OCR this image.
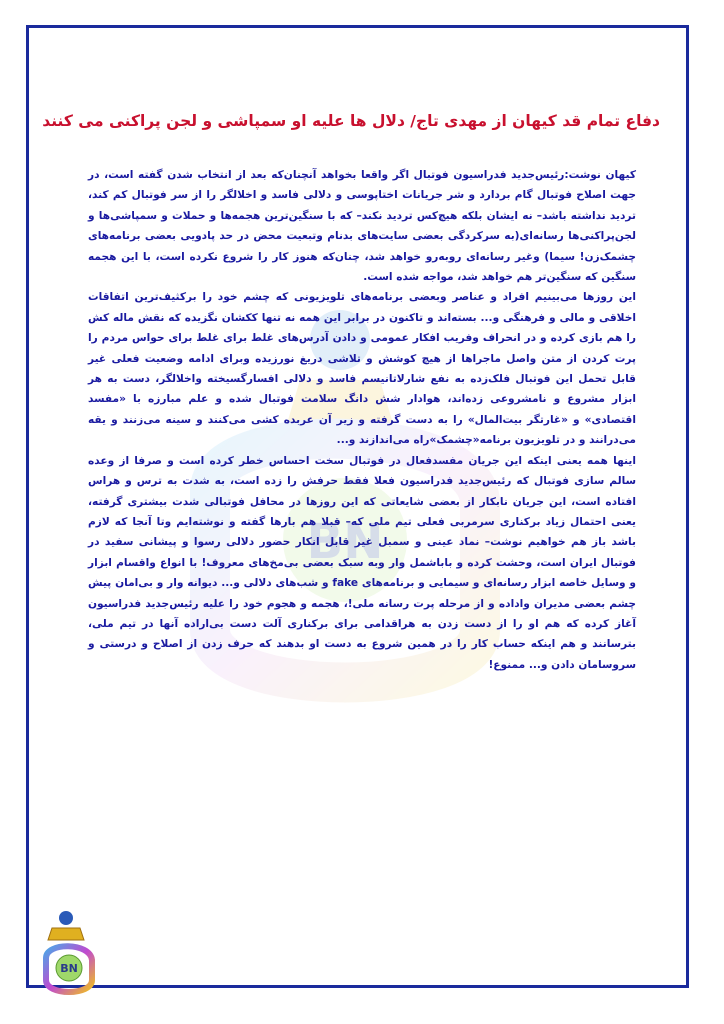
BN
دفاع تمام قد کیهان از مهدی تاج/ دلال ها علیه او سمپاشی و لجن پراکنی می کنند

کیهان نوشت:رئیس‌جدید فدراسیون فوتبال اگر واقعا بخواهد آنچنان‌که بعد از انتخاب شدن گفته است، در جهت اصلاح فوتبال گام بردارد و شر جریانات اختاپوسی و دلالی فاسد و اخلالگر را از سر فوتبال کم کند، تردید نداشته باشد– نه ایشان بلکه هیچ‌کس تردید نکند– که با سنگین‌ترین هجمه‌ها و حملات و سمپاشی‌ها و لجن‌پراکنی‌ها رسانه‌ای(به سرکردگی بعضی سایت‌های بدنام وتبعیت محض در حد پادویی بعضی برنامه‌های چشمک‌زن! سیما) وغیر رسانه‌ای روبه‌رو خواهد شد، چنان‌که هنوز کار را شروع نکرده است، با این هجمه سنگین که سنگین‌تر هم خواهد شد، مواجه شده است.

این روزها می‌بینیم افراد و عناصر وبعضی برنامه‌های تلویزیونی که چشم خود را برکثیف‌ترین اتفاقات اخلاقی و مالی و فرهنگی و... بسته‌اند و تاکنون در برابر این همه نه تنها ککشان نگزیده که نقش ماله کش را هم بازی کرده و در انحراف وفریب افکار عمومی و دادن آدرس‌های غلط برای غلط برای حواس مردم را پرت کردن از متن واصل ماجراها از هیچ کوشش و تلاشی دریغ نورزیده وبرای ادامه وضعیت فعلی غیر قابل تحمل این فوتبال فلک‌زده به نفع شارلاتانیسم فاسد و دلالی افسارگسیخته واخلالگر، دست به هر ابزار مشروع و نامشروعی زده‌اند، هوادار شش دانگ سلامت فوتبال شده و علم مبارزه با «مفسد اقتصادی» و «غارتگر بیت‌المال» را به دست گرفته و زیر آن عربده کشی می‌کنند و سینه می‌زنند و یقه می‌درانند و در تلویزیون برنامه«چشمک»راه می‌اندازند و...

اینها همه یعنی اینکه این جریان مفسدفعال در فوتبال سخت احساس خطر کرده است و صرفا از وعده سالم سازی فوتبال که رئیس‌جدید فدراسیون فعلا فقط حرفش را زده است، به شدت به ترس و هراس افتاده است، این جریان نابکار از بعضی شایعاتی که این روزها در محافل فوتبالی شدت بیشتری گرفته، یعنی احتمال زیاد برکناری سرمربی فعلی تیم ملی که– قبلا هم بارها گفته و نوشته‌ایم وتا آنجا که لازم باشد باز هم خواهیم نوشت– نماد عینی و سمبل غیر قابل انکار حضور دلالی رسوا و پیشانی سفید در فوتبال ایران است، وحشت کرده و باباشمل وار وبه سبک بعضی بی‌مخ‌های معروف! با انواع واقسام ابزار و وسایل خاصه ابزار رسانه‌ای و سیمایی و برنامه‌های fake و شب‌های دلالی و... دیوانه وار و بی‌امان پیش چشم بعضی مدیران وادادە و از مرحله پرت رسانه ملی!، هجمه و هجوم خود را علیه رئیس‌جدید فدراسیون آغاز کرده که هم او را از دست زدن به هراقدامی برای برکناری آلت دست بی‌اراده آنها در تیم ملی، بترسانند و هم اینکه حساب کار را در همین شروع به دست او بدهند که حرف زدن از اصلاح و درستی و سروسامان دادن و... ممنوع!

BN
